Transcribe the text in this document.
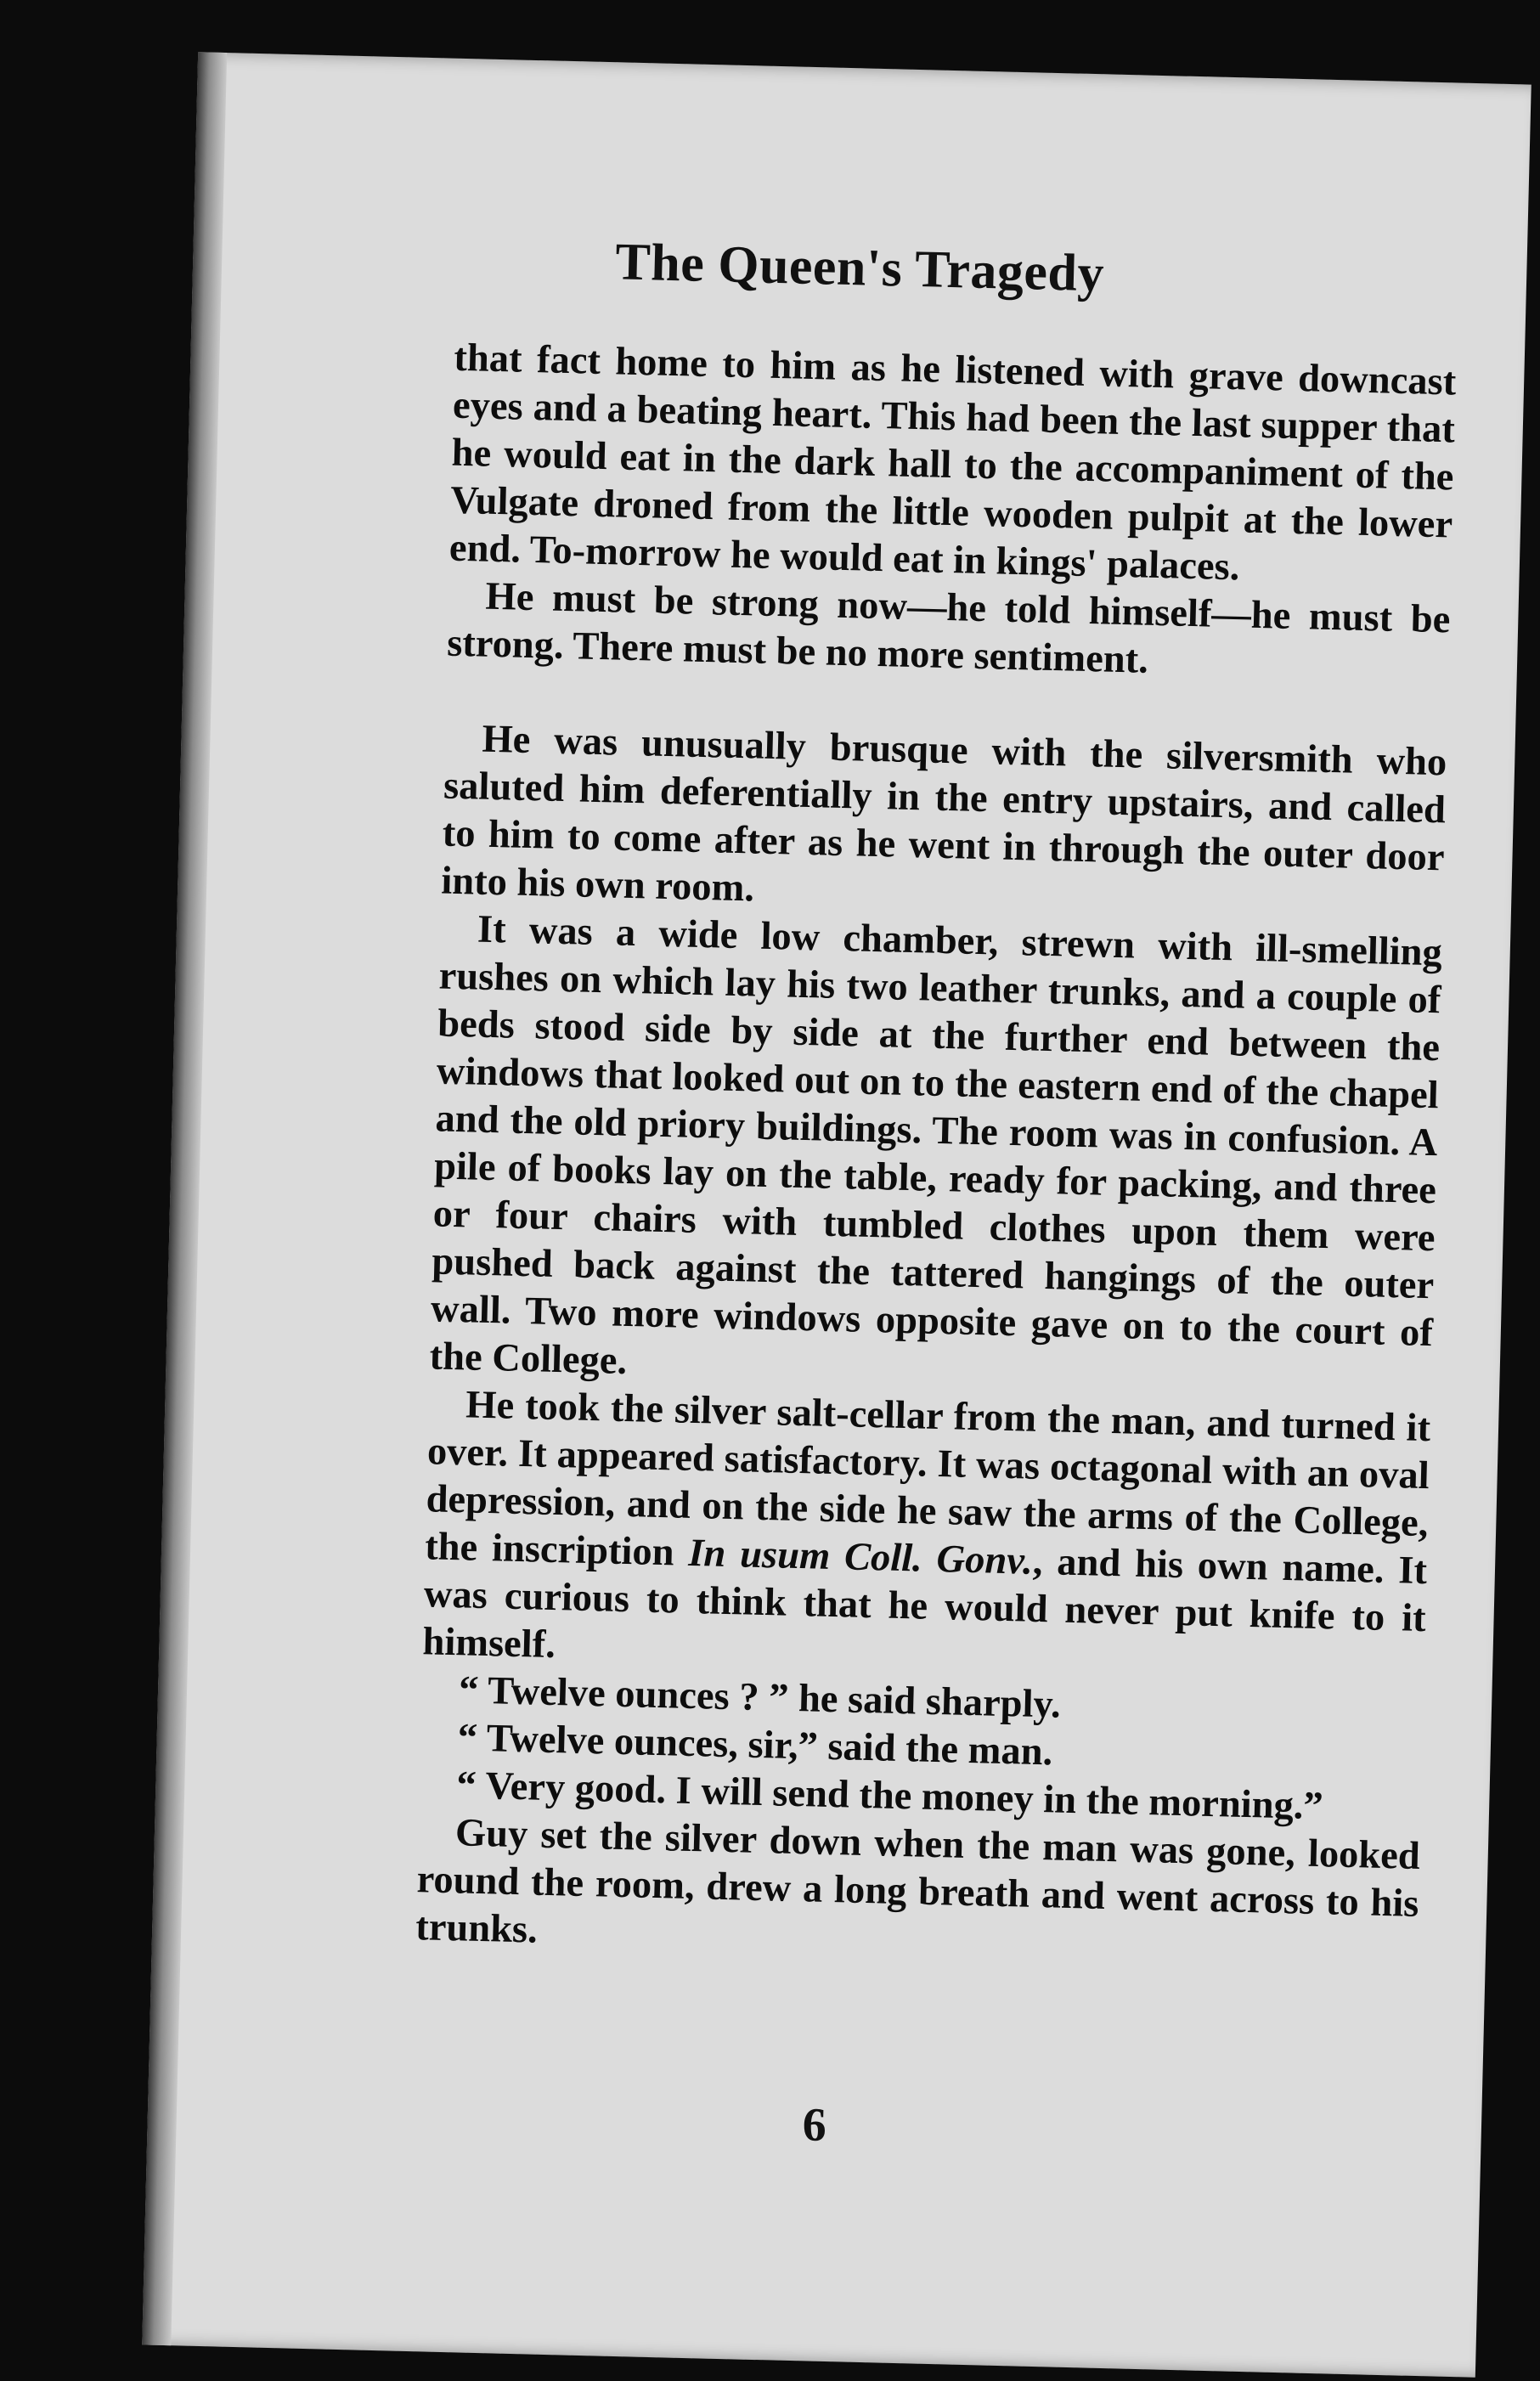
The Queen's Tragedy

that fact home to him as he listened with grave downcast eyes and a beating heart. This had been the last supper that he would eat in the dark hall to the accompaniment of the Vulgate droned from the little wooden pulpit at the lower end. To-morrow he would eat in kings' palaces.

He must be strong now—he told himself—he must be strong. There must be no more sentiment.

He was unusually brusque with the silversmith who saluted him deferentially in the entry upstairs, and called to him to come after as he went in through the outer door into his own room.

It was a wide low chamber, strewn with ill-smelling rushes on which lay his two leather trunks, and a couple of beds stood side by side at the further end between the windows that looked out on to the eastern end of the chapel and the old priory buildings. The room was in confusion. A pile of books lay on the table, ready for packing, and three or four chairs with tumbled clothes upon them were pushed back against the tattered hangings of the outer wall. Two more windows opposite gave on to the court of the College.

He took the silver salt-cellar from the man, and turned it over. It appeared satisfactory. It was octagonal with an oval depression, and on the side he saw the arms of the College, the inscription In usum Coll. Gonv., and his own name. It was curious to think that he would never put knife to it himself.

“ Twelve ounces ? ” he said sharply.

“ Twelve ounces, sir,” said the man.

“ Very good. I will send the money in the morning.”

Guy set the silver down when the man was gone, looked round the room, drew a long breath and went across to his trunks.

6
